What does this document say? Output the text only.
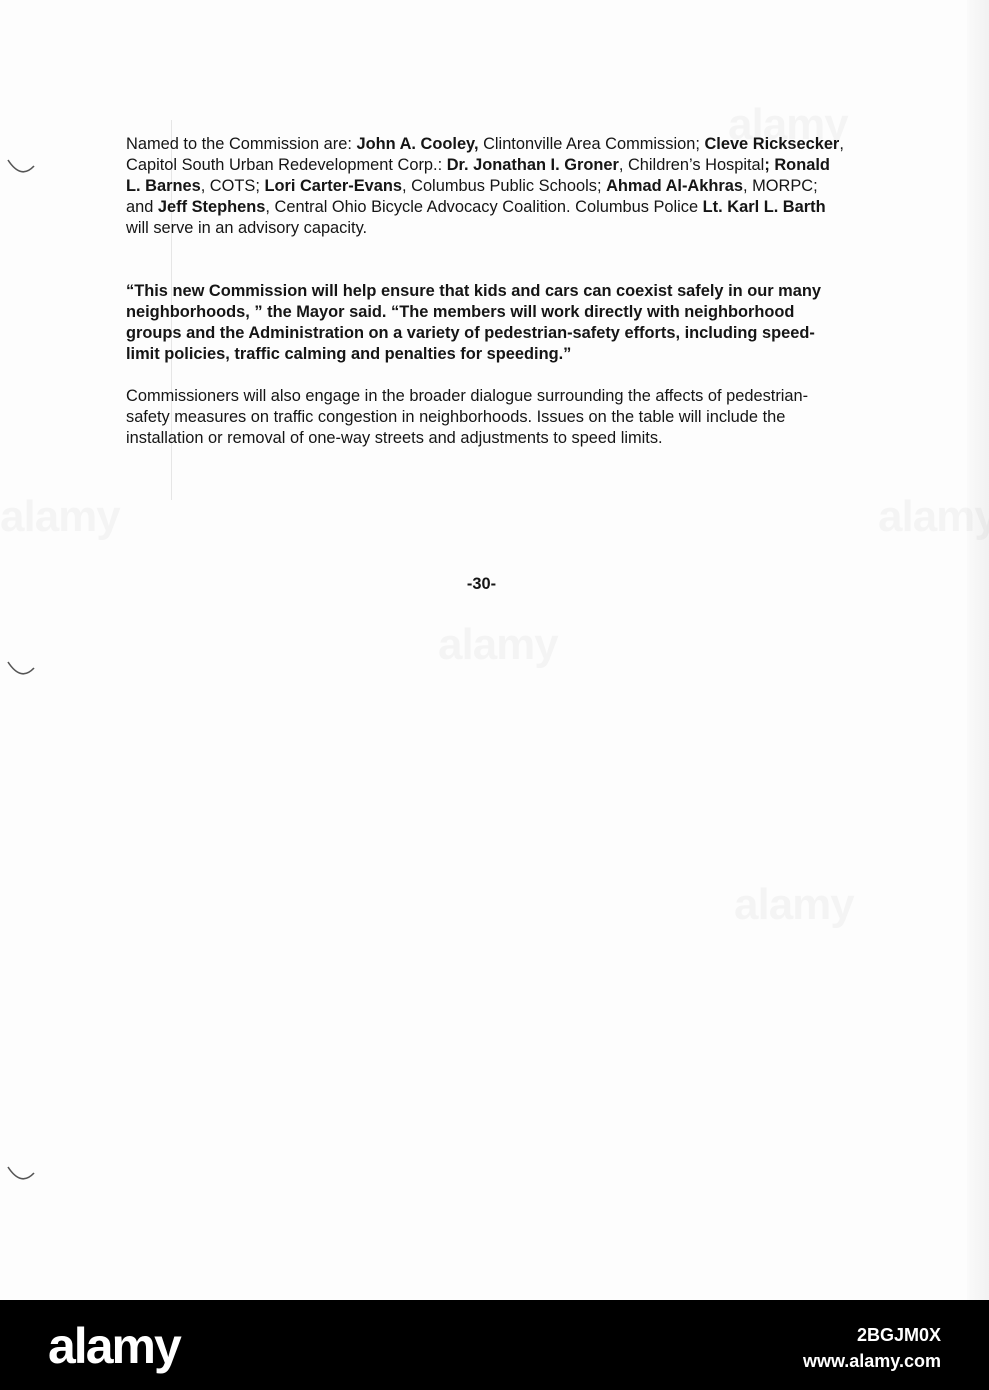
Named to the Commission are: John A. Cooley, Clintonville Area Commission; Cleve Ricksecker, Capitol South Urban Redevelopment Corp.: Dr. Jonathan I. Groner, Children’s Hospital; Ronald L. Barnes, COTS; Lori Carter-Evans, Columbus Public Schools; Ahmad Al-Akhras, MORPC; and Jeff Stephens, Central Ohio Bicycle Advocacy Coalition. Columbus Police Lt. Karl L. Barth will serve in an advisory capacity.

“This new Commission will help ensure that kids and cars can coexist safely in our many neighborhoods, ” the Mayor said. “The members will work directly with neighborhood groups and the Administration on a variety of pedestrian-safety efforts, including speed-limit policies, traffic calming and penalties for speeding.”

Commissioners will also engage in the broader dialogue surrounding the affects of pedestrian-safety measures on traffic congestion in neighborhoods. Issues on the table will include the installation or removal of one-way streets and adjustments to speed limits.

-30-
alamy	2BGJM0X
www.alamy.com
